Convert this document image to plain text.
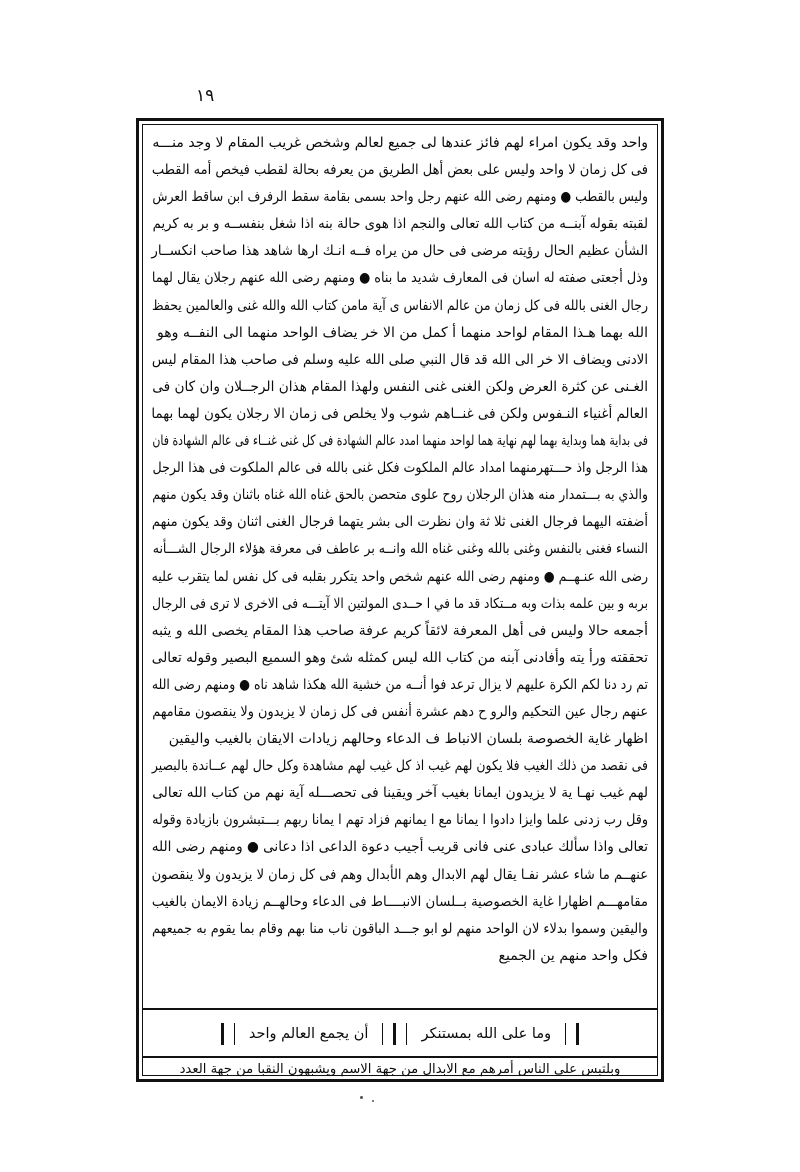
١٩
واحد وقد يكون امراء لهم فائز عندها لى جميع لعالم وشخص غريب المقام لا وجد منـــه
فى كل زمان لا واحد وليس على بعض أهل الطريق من يعرفه بحالة لقطب فيخص أمه القطب
وليس بالقطب ● ومنهم رضى الله عنهم رجل واحد بسمى بقامة سقط الرفرف ابن ساقط العرش
لقبته بقوله آبنــه من كتاب الله تعالى والنجم اذا هوى حالة بنه اذا شغل بنفســه و بر به كريم
الشأن عظيم الحال رؤيته مرضى فى حال من يراه فــه انـك ارها شاهد هذا صاحب انكســار
وذل أجعتى صفته له اسان فى المعارف شديد ما بناه ● ومنهم رضى الله عنهم رجلان يقال لهما
رجال الغنى بالله فى كل زمان من عالم الانفاس ى آية مامن كتاب الله والله غنى والعالمين يحفظ
الله بهما هـذا المقام لواحد منهما أ كمل من الا خر يضاف الواحد منهما الى النفــه وهو
الادنى ويضاف الا خر الى الله قد قال النبي صلى الله عليه وسلم فى صاحب هذا المقام ليس
الغـنى عن كثرة العرض ولكن الغنى غنى النفس ولهذا المقام هذان الرجــلان وان كان فى
العالم أغنياء النـفوس ولكن فى غنــاهم شوب ولا يخلص فى زمان الا رجلان يكون لهما بهما
فى بداية هما وبداية بهما لهم نهاية هما لواحد منهما امدد عالم الشهادة فى كل غنى غنــاء فى عالم الشهادة فان
هذا الرجل واذ حـــتهرمنهما امداد عالم الملكوت فكل غنى بالله فى عالم الملكوت فى هذا الرجل
والذي به بـــتمدار منه هذان الرجلان روح علوى متحصن بالحق غناه الله غناه باثنان وقد يكون منهم
أضفته اليهما فرجال الغنى ثلا ثة وان نظرت الى بشر يتهما فرجال الغنى اثنان وقد يكون منهم
النساء فغنى بالنفس وغنى بالله وغنى غناه الله وانــه بر عاطف فى معرفة هؤلاء الرجال الشـــأنه
رضى الله عنـهــم ● ومنهم رضى الله عنهم شخص واحد يتكرر بقلبه فى كل نفس لما يتقرب عليه
بربه و بين علمه بذات وبه مــتكاد قد ما في ا حــدى المولتين الا آيتـــه فى الاخرى لا ترى فى الرجال
أجمعه حالا وليس فى أهل المعرفة لائقاً كريم عرفة صاحب هذا المقام يخصى الله و يثبه
تحققته ورأ يته وأفادنى آبنه من كتاب الله ليس كمثله شئ وهو السميع البصير وقوله تعالى
تم رد دنا لكم الكرة عليهم لا يزال ترعد فوا أنــه من خشية الله هكذا شاهد ناه ● ومنهم رضى الله
عنهم رجال عين التحكيم والرو ح دهم عشرة أنفس فى كل زمان لا يزيدون ولا ينقصون مقامهم
اظهار غاية الخصوصة بلسان الانباط ف الدعاء وحالهم زيادات الايقان بالغيب واليقين
فى نقصد من ذلك الغيب فلا يكون لهم غيب اذ كل غيب لهم مشاهدة وكل حال لهم عــاندة بالبصير
لهم غيب نهـا ية لا يزيدون ايمانا بغيب آخر ويقينا فى تحصـــله آية نهم من كتاب الله تعالى
وقل رب زدنى علما وايزا دادوا ا يمانا مع ا يمانهم فزاد تهم ا يمانا ربهم بـــتبشرون بازيادة وقوله
تعالى واذا سألك عبادى عنى فانى قريب أجيب دعوة الداعى اذا دعانى ● ومنهم رضى الله
عنهــم ما شاء عشر نفـا يقال لهم الابدال وهم الأبدال وهم فى كل زمان لا يزيدون ولا ينقصون
مقامهـــم اظهارا غاية الخصوصية بــلسان الانبــــاط فى الدعاء وحالهــم زيادة الايمان بالغيب
واليقين وسموا بدلاء لان الواحد منهم لو ابو جـــد الباقون ناب منا بهم وقام بما يقوم به جميعهم
فكل واحد منهم ين الجميع
وما على الله بمستنكر
أن يجمع العالم واحد
وبلتبس على الناس أمرهم مع الابدال من جهة الاسم ويشبهون النقبا من جهة العدد
